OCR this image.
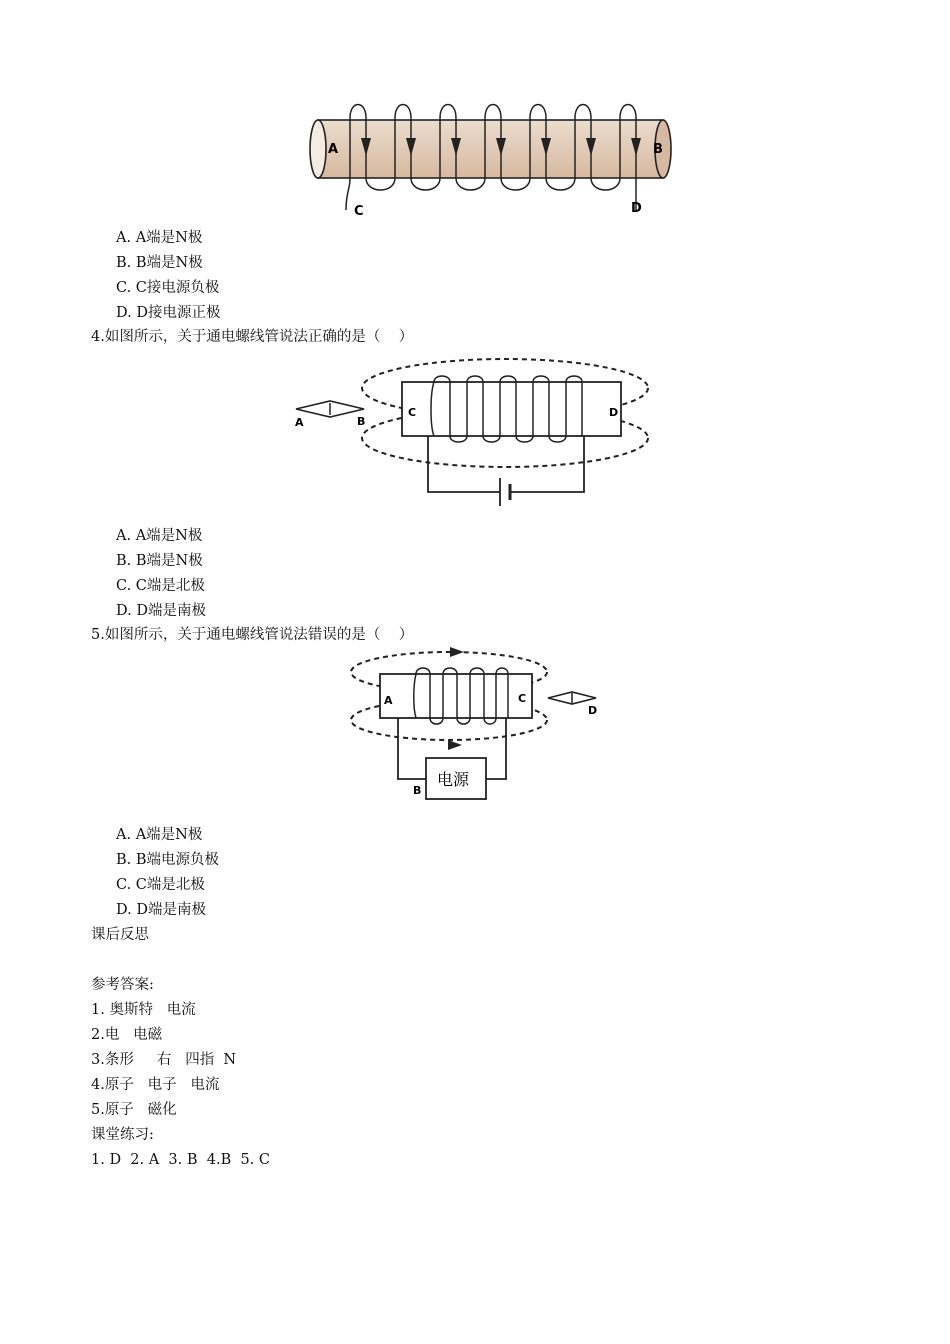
A	B
C	D
A. A端是N极
B. B端是N极
C. C接电源负极
D. D接电源正极
4.如图所示，关于通电螺线管说法正确的是（    ）
A	B
C	D
A. A端是N极
B. B端是N极
C. C端是北极
D. D端是南极
5.如图所示，关于通电螺线管说法错误的是（    ）
A	C
D
B
电源
A. A端是N极
B. B端电源负极
C. C端是北极
D. D端是南极
课后反思
参考答案:
1. 奥斯特   电流
2.电   电磁
3.条形     右   四指  N
4.原子   电子   电流
5.原子   磁化
课堂练习:
1. D  2. A  3. B  4.B  5. C
